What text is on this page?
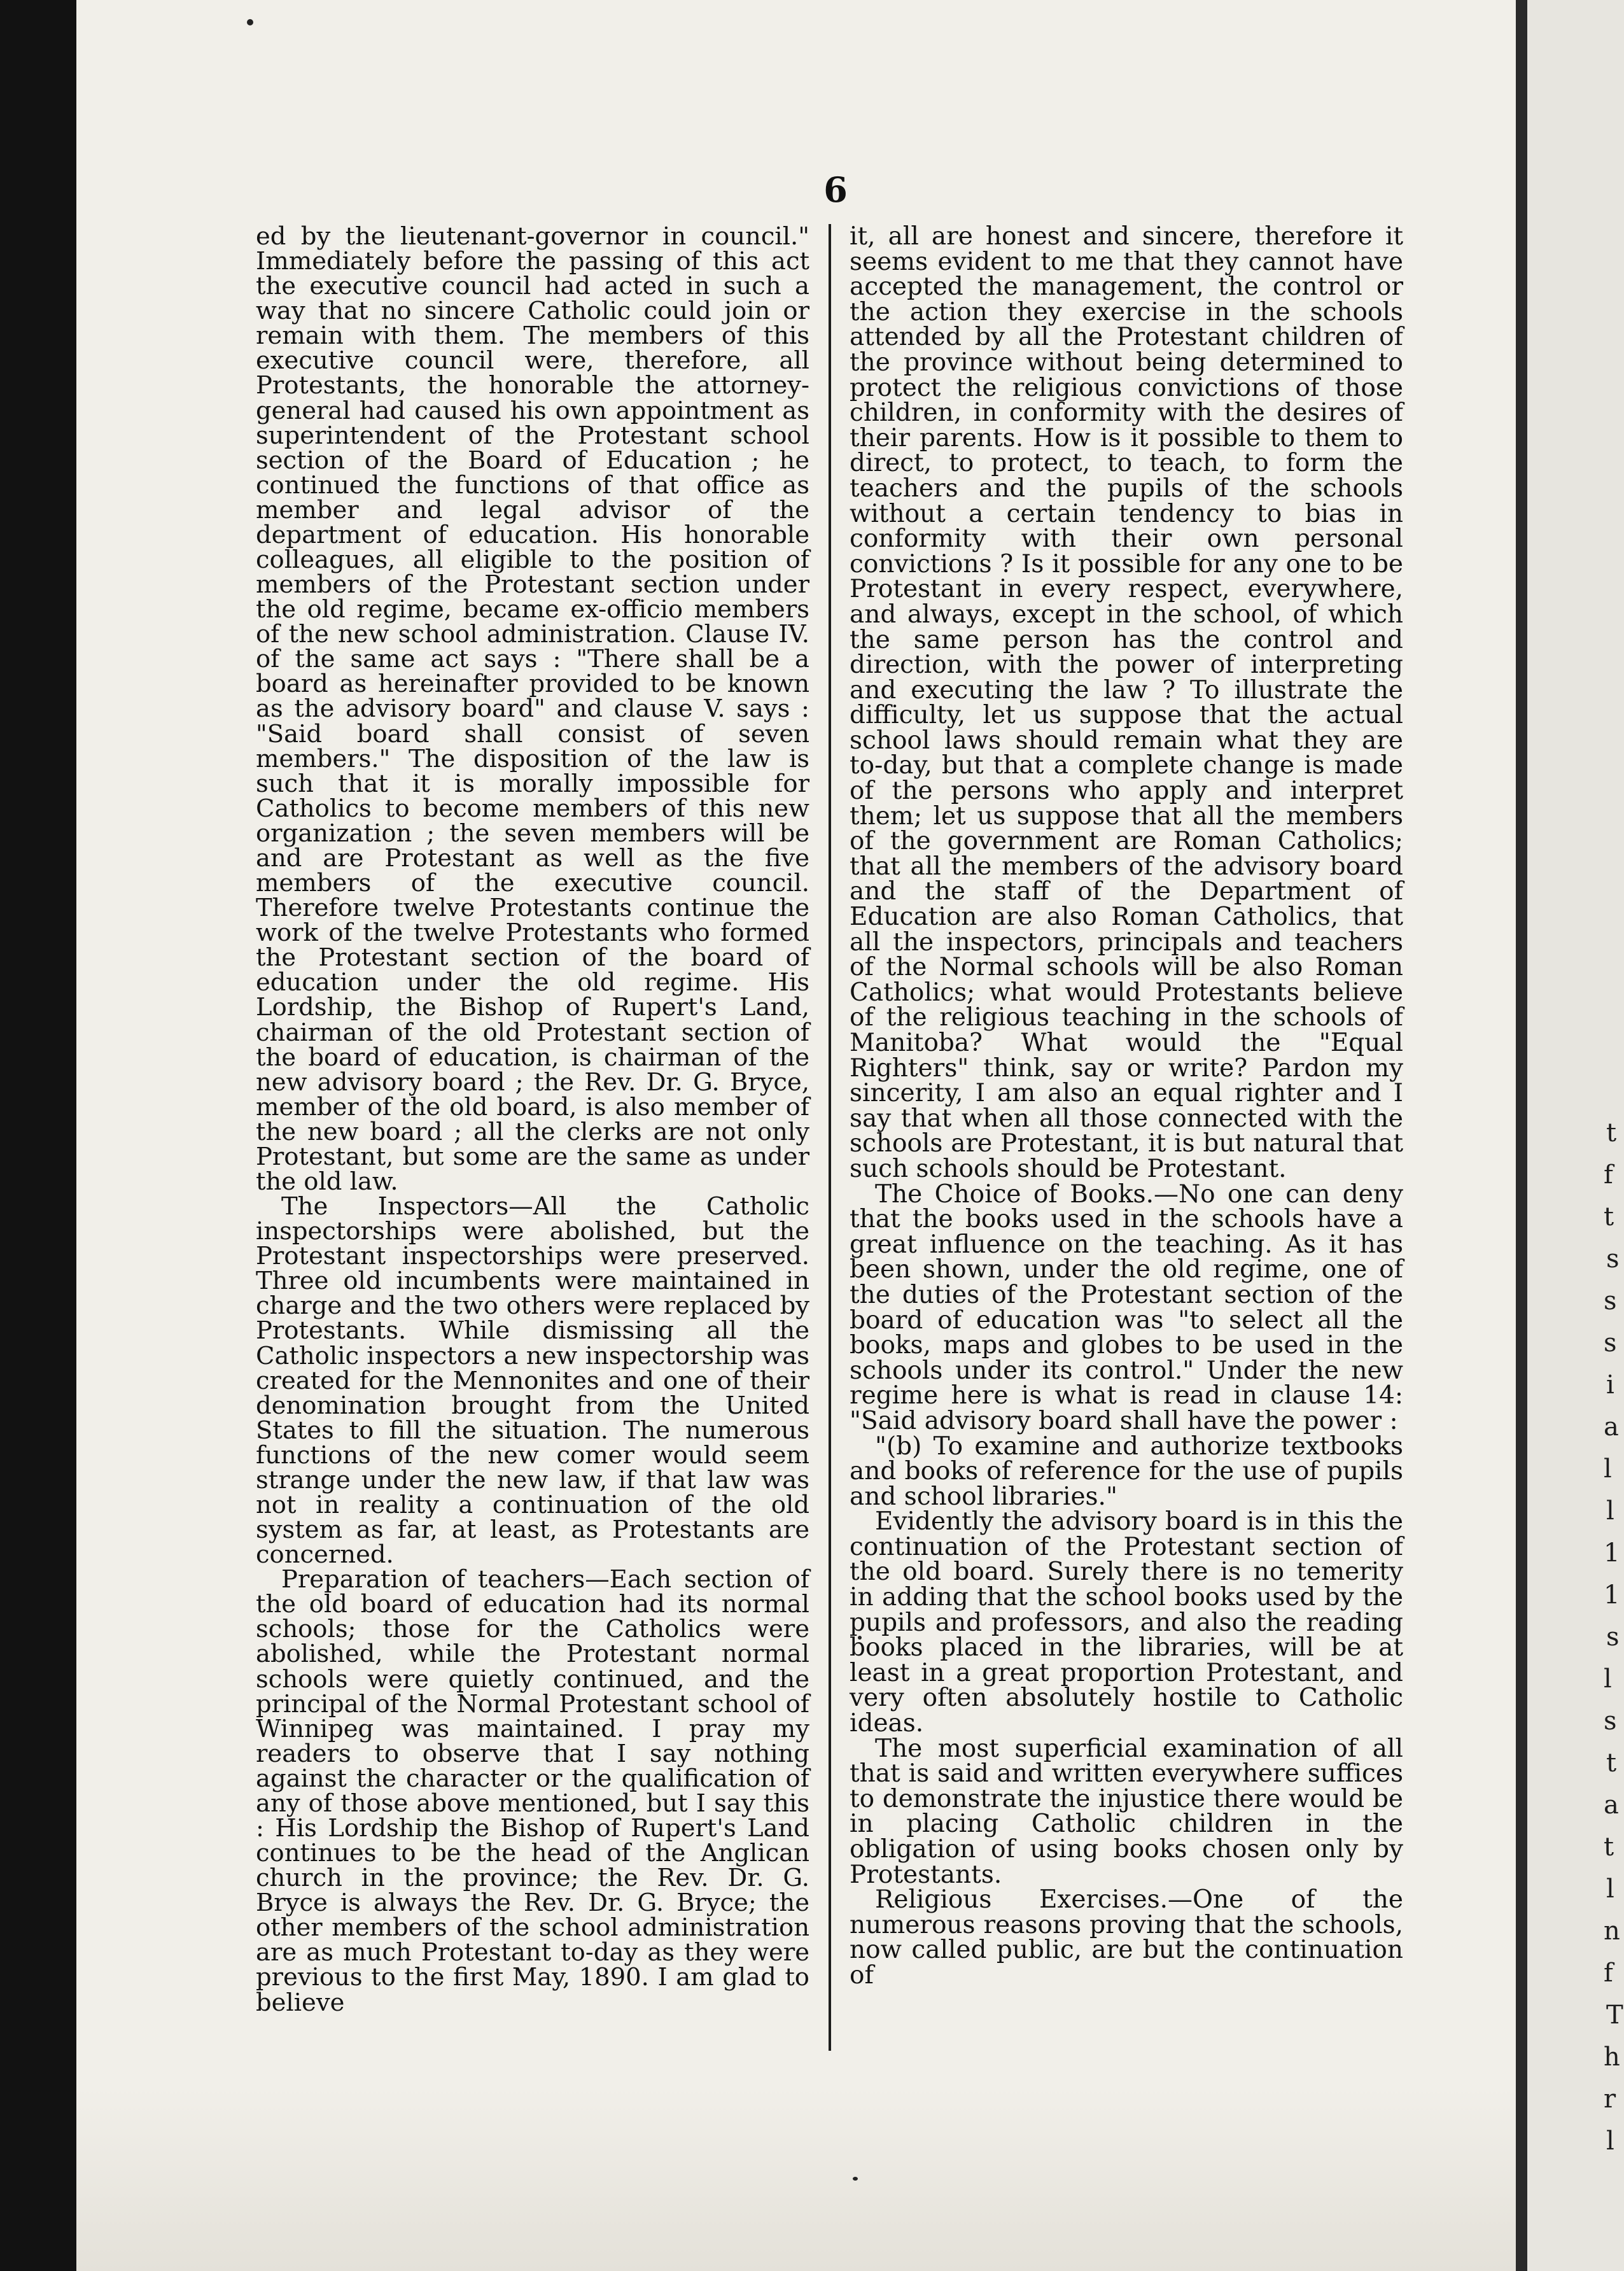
6

ed by the lieutenant-governor in council." Immediately before the passing of this act the executive council had acted in such a way that no sincere Catholic could join or remain with them. The members of this executive council were, therefore, all Protestants, the honorable the attorney-general had caused his own appointment as superintendent of the Protestant school section of the Board of Education ; he continued the functions of that office as member and legal advisor of the department of education. His honorable colleagues, all eligible to the position of members of the Protestant section under the old regime, became ex-officio members of the new school administration. Clause IV. of the same act says : "There shall be a board as hereinafter provided to be known as the advisory board" and clause V. says : "Said board shall consist of seven members." The disposition of the law is such that it is morally impossible for Catholics to become members of this new organization ; the seven members will be and are Protestant as well as the five members of the executive council. Therefore twelve Protestants continue the work of the twelve Protestants who formed the Protestant section of the board of education under the old regime. His Lordship, the Bishop of Rupert's Land, chairman of the old Protestant section of the board of education, is chairman of the new advisory board ; the Rev. Dr. G. Bryce, member of the old board, is also member of the new board ; all the clerks are not only Protestant, but some are the same as under the old law.

The Inspectors—All the Catholic inspectorships were abolished, but the Protestant inspectorships were preserved. Three old incumbents were maintained in charge and the two others were replaced by Protestants. While dismissing all the Catholic inspectors a new inspectorship was created for the Mennonites and one of their denomination brought from the United States to fill the situation. The numerous functions of the new comer would seem strange under the new law, if that law was not in reality a continuation of the old system as far, at least, as Protestants are concerned.

Preparation of teachers—Each section of the old board of education had its normal schools; those for the Catholics were abolished, while the Protestant normal schools were quietly continued, and the principal of the Normal Protestant school of Winnipeg was maintained. I pray my readers to observe that I say nothing against the character or the qualification of any of those above mentioned, but I say this : His Lordship the Bishop of Rupert's Land continues to be the head of the Anglican church in the province; the Rev. Dr. G. Bryce is always the Rev. Dr. G. Bryce; the other members of the school administration are as much Protestant to-day as they were previous to the first May, 1890. I am glad to believe

it, all are honest and sincere, therefore it seems evident to me that they cannot have accepted the management, the control or the action they exercise in the schools attended by all the Protestant children of the province without being determined to protect the religious convictions of those children, in conformity with the desires of their parents. How is it possible to them to direct, to protect, to teach, to form the teachers and the pupils of the schools without a certain tendency to bias in conformity with their own personal convictions ? Is it possible for any one to be Protestant in every respect, everywhere, and always, except in the school, of which the same person has the control and direction, with the power of interpreting and executing the law ? To illustrate the difficulty, let us suppose that the actual school laws should remain what they are to-day, but that a complete change is made of the persons who apply and interpret them; let us suppose that all the members of the government are Roman Catholics; that all the members of the advisory board and the staff of the Department of Education are also Roman Catholics, that all the inspectors, principals and teachers of the Normal schools will be also Roman Catholics; what would Protestants believe of the religious teaching in the schools of Manitoba? What would the "Equal Righters" think, say or write? Pardon my sincerity, I am also an equal righter and I say that when all those connected with the schools are Protestant, it is but natural that such schools should be Protestant.

The Choice of Books.—No one can deny that the books used in the schools have a great influence on the teaching. As it has been shown, under the old regime, one of the duties of the Protestant section of the board of education was "to select all the books, maps and globes to be used in the schools under its control." Under the new regime here is what is read in clause 14: "Said advisory board shall have the power :

"(b) To examine and authorize textbooks and books of reference for the use of pupils and school libraries."

Evidently the advisory board is in this the continuation of the Protestant section of the old board. Surely there is no temerity in adding that the school books used by the pupils and professors, and also the reading books placed in the libraries, will be at least in a great proportion Protestant, and very often absolutely hostile to Catholic ideas.

The most superficial examination of all that is said and written everywhere suffices to demonstrate the injustice there would be in placing Catholic children in the obligation of using books chosen only by Protestants.

Religious Exercises.—One of the numerous reasons proving that the schools, now called public, are but the continuation of

t
f
t
s
s
s
i
a
l
l
1
1
s
l
s
t
a
t
l
n
f
T
h
r
l
